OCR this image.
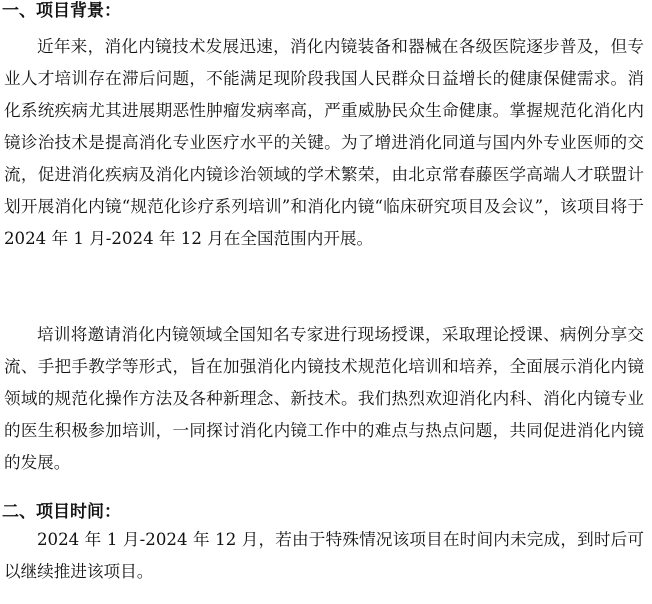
一、项目背景：

近年来，消化内镜技术发展迅速，消化内镜装备和器械在各级医院逐步普及，但专业人才培训存在滞后问题，不能满足现阶段我国人民群众日益增长的健康保健需求。消化系统疾病尤其进展期恶性肿瘤发病率高，严重威胁民众生命健康。掌握规范化消化内镜诊治技术是提高消化专业医疗水平的关键。为了增进消化同道与国内外专业医师的交流，促进消化疾病及消化内镜诊治领域的学术繁荣，由北京常春藤医学高端人才联盟计划开展消化内镜“规范化诊疗系列培训”和消化内镜“临床研究项目及会议”，该项目将于 2024 年 1 月-2024 年 12 月在全国范围内开展。

培训将邀请消化内镜领域全国知名专家进行现场授课，采取理论授课、病例分享交流、手把手教学等形式，旨在加强消化内镜技术规范化培训和培养，全面展示消化内镜领域的规范化操作方法及各种新理念、新技术。我们热烈欢迎消化内科、消化内镜专业的医生积极参加培训，一同探讨消化内镜工作中的难点与热点问题，共同促进消化内镜的发展。

二、项目时间：

2024 年 1 月-2024 年 12 月，若由于特殊情况该项目在时间内未完成，到时后可以继续推进该项目。
